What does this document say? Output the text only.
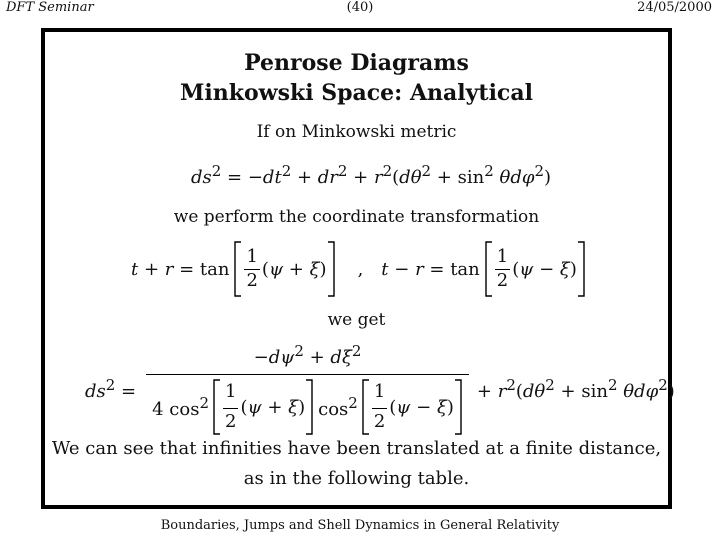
DFT Seminar	(40)	24/05/2000
Penrose Diagrams
Minkowski Space: Analytical
If on Minkowski metric
$ds^2 = -dt^2 + dr^2 + r^2(d\theta^2 + \sin^2 \theta d\varphi^2)$
we perform the coordinate transformation
$t + r = \tan \frac{1}{2} (\psi + \xi)$ , $t - r = \tan \frac{1}{2} (\psi - \xi)$
we get
$ds^2$ =
$-d\psi^2 + d\xi^2$
4 $\cos^2 \frac{1}{2} (\psi + \xi)$ $\cos^2 \frac{1}{2} (\psi - \xi)$
+ $r^2(d\theta^2 + \sin^2 \theta d\varphi^2)$
We can see that infinities have been translated at a finite distance,
as in the following table.
Boundaries, Jumps and Shell Dynamics in General Relativity
